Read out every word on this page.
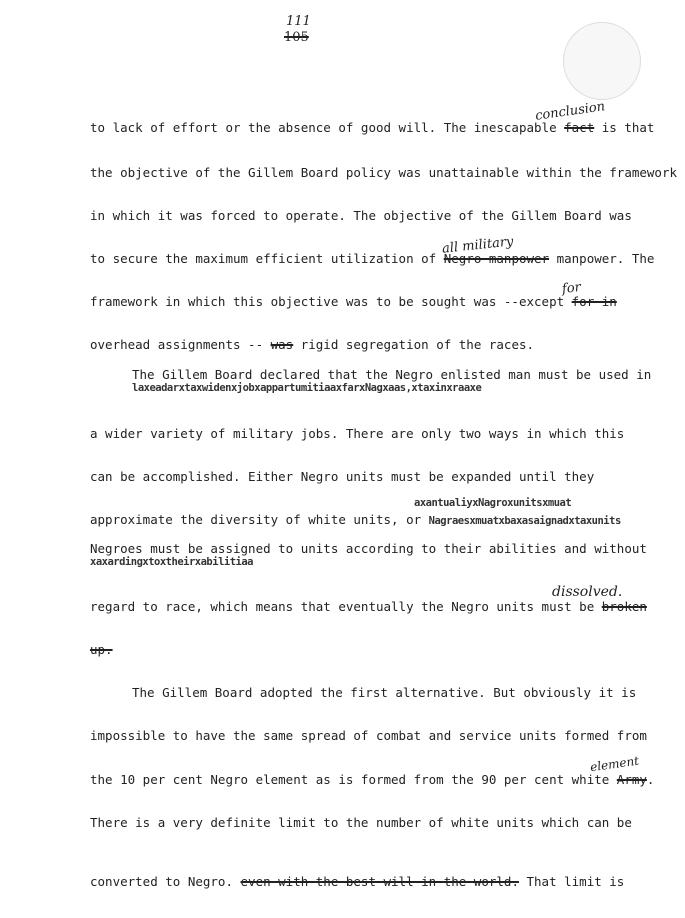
111
105
to lack of effort or the absence of good will. The inescapable fact is that
conclusion
the objective of the Gillem Board policy was unattainable within the framework
in which it was forced to operate. The objective of the Gillem Board was
all military
to secure the maximum efficient utilization of Negro manpower manpower. The
for
framework in which this objective was to be sought was --except for in
overhead assignments -- was rigid segregation of the races.
The Gillem Board declared that the Negro enlisted man must be used in
laxeadarxtaxwidenxjobxappartumitiaaxfarxNagxaas,xtaxinxraaxe
a wider variety of military jobs. There are only two ways in which this
can be accomplished. Either Negro units must be expanded until they
axantualiyxNagroxunitsxmuat
approximate the diversity of white units, or Nagraesxmuatxbaxasaignadxtaxunits
Negroes must be assigned to units according to their abilities and without
xaxardingxtoxtheirxabilitiaa
dissolved.
regard to race, which means that eventually the Negro units must be broken
up.
The Gillem Board adopted the first alternative. But obviously it is
impossible to have the same spread of combat and service units formed from
element
the 10 per cent Negro element as is formed from the 90 per cent white Army.
There is a very definite limit to the number of white units which can be
converted to Negro. even with the best will in the world. That limit is
